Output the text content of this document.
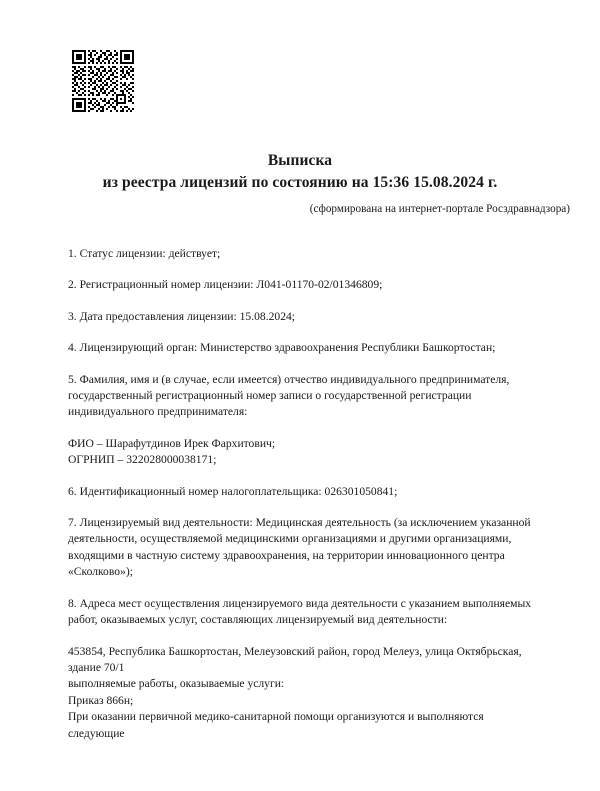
Выписка
из реестра лицензий по состоянию на 15:36 15.08.2024 г.
(сформирована на интернет-портале Росздравнадзора)

1. Статус лицензии: действует;

2. Регистрационный номер лицензии: Л041-01170-02/01346809;

3. Дата предоставления лицензии: 15.08.2024;

4. Лицензирующий орган: Министерство здравоохранения Республики Башкортостан;

5. Фамилия, имя и (в случае, если имеется) отчество индивидуального предпринимателя,

государственный регистрационный номер записи о государственной регистрации

индивидуального предпринимателя:

ФИО – Шарафутдинов Ирек Фархитович;

ОГРНИП – 322028000038171;

6. Идентификационный номер налогоплательщика: 026301050841;

7. Лицензируемый вид деятельности: Медицинская деятельность (за исключением указанной

деятельности, осуществляемой медицинскими организациями и другими организациями,

входящими в частную систему здравоохранения, на территории инновационного центра

«Сколково»);

8. Адреса мест осуществления лицензируемого вида деятельности с указанием выполняемых

работ, оказываемых услуг, составляющих лицензируемый вид деятельности:

453854, Республика Башкортостан, Мелеузовский район, город Мелеуз, улица Октябрьская,

здание 70/1

выполняемые работы, оказываемые услуги:

Приказ 866н;

При оказании первичной медико-санитарной помощи организуются и выполняются следующие
